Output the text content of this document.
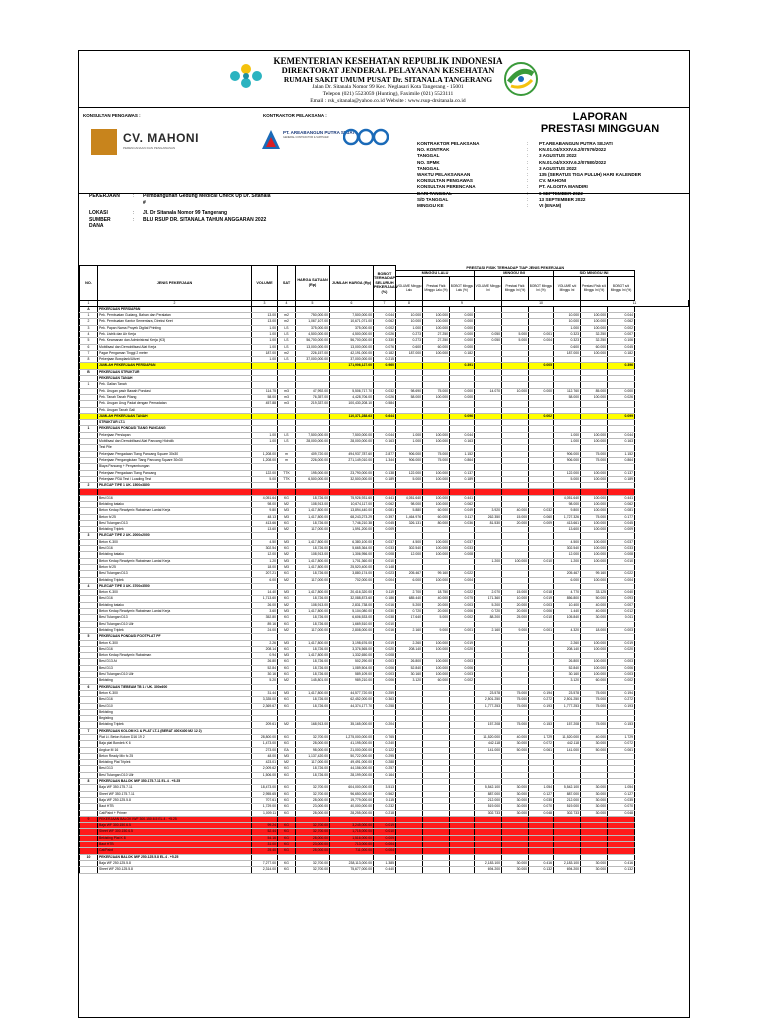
KEMENTERIAN KESEHATAN REPUBLIK INDONESIA
DIREKTORAT JENDERAL PELAYANAN KESEHATAN
RUMAH SAKIT UMUM PUSAT Dr. SITANALA TANGERANG
Jalan Dr. Sitanala Nomor 99 Kec. Neglasari Kota Tangerang - 15001
Telepon (021) 5523059 (Hunting), Faximile (021) 5523111
Email : rsk_sitanala@yahoo.co.id Website : www.rsup-drsitanala.co.id
KONSULTAN PENGAWAS :	KONTRAKTOR PELAKSANA :
CV. MAHONI
PERENCANAAN DAN PENGAWASAN
PT. AREABANGUN PUTRA SEJATI
GENERAL CONTRACTOR & SUPPLIER
LAPORAN
PRESTASI MINGGUAN
KONTRAKTOR PELAKSANA	: PT.AREABANGUN PUTRA SEJATI
NO. KONTRAK	: KN.01.04/XXXIV.6.2/07579/2022
TANGGAL	: 3 AGUSTUS 2022
NO. SPMK	: KN.01.04/XXXIV.6.2/07580/2022
TANGGAL	: 3 AGUSTUS 2022
WAKTU PELAKSANAAN	: 135 (SERATUS TIGA PULUH) HARI KALENDER
KONSULTAN PENGAWAS	: CV. MAHONI
KONSULTAN PERENCANA	: PT. ALGOITA MANDIRI
DARI TANGGAL	: 6 SEPTEMBER 2022
S/D TANGGAL	: 13 SEPTEMBER 2022
MINGGU KE	: VI (ENAM)
PEKERJAAN	: Pembangunan Gedung Medical Check Up Dr. Sitanala
#
LOKASI	: Jl. Dr Sitanala Nomor 99 Tangerang
SUMBER DANA
: BLU RSUP DR. SITANALA TAHUN ANGGARAN 2022
NO.	JENIS PEKERJAAN	VOLUME	SAT	HARGA SATUAN (Rp)	JUMLAH HARGA (Rp)	BOBOT TERHADAP SELURUH PEKERJAAN (%)	PRESTASI FISIK TERHADAP TIAP JENIS PEKERJAAN								
							MINGGU LALU			MINGGU INI			S/D MINGGU INI		
							VOLUME Minggu Lalu	Prestasi Fisik Minggu Lalu (%)	BOBOT Minggu Lalu (%)	VOLUME Minggu Ini	Prestasi Fisik Minggu Ini (%)	BOBOT Minggu Ini (%)	VOLUME s/d Minggu Ini	Prestasi Fisik s/d Minggu Ini (%)	BOBOT s/d Minggu Ini (%)
1	2	3	4	5	6	7	8	9			10			11	
A	PEKERJAAN PERSIAPAN														
1	Pek. Pembuatan Gudang, Bahan dan Peralatan	13.00	m2	750,000.00	7,500,000.00	0.044	10.000	100.000	0.000				10.000	100.000	0.044
2	Pek. Pembuatan Kantor Sementara, Direksi Keet	13.00	m2	1,067,107.00	10,671,071.00	0.062	10.000	100.000	0.000				10.000	100.000	0.062
3	Pek. Papan Nama Proyek Digital Printing	1.00	LS	375,000.00	375,000.00	0.002	1.000	100.000	0.000				1.000	100.000	0.002
4	Pek. Listrik dan Air Kerja	1.00	LS	4,500,000.00	4,500,000.00	0.026	0.273	27.250	0.000	0.050	5.000	0.001	0.323	32.250	0.007
5	Pek. Keamanan dan Administrasi Kerja (K3)	1.00	LS	56,700,000.00	56,700,000.00	0.330	0.273	27.250	0.000	0.050	5.000	0.004	0.323	32.250	0.106
6	Mobilisasi dan Demobilisasi Alat Kerja	1.00	LS	13,000,000.00	13,000,000.00	0.076	0.600	60.000	0.000				0.600	60.000	0.045
7	Pagar Pengaman Tinggi 2 meter	187.00	m2	226,157.00	42,191,000.00	0.182	187.000	100.000	0.182				187.000	100.000	0.182
8	Pekerjaan Bowplank/Uitzet	1.00	LS	37,000,000.00	37,000,000.00	0.215									
	JUMLAH PEKERJAAN PERSIAPAN				171,906,127.00	0.960			0.391			0.005			0.396
B	PEKERJAAN STRUKTUR														
	PEKERJAAN TANAH														
1	Pek. Galian Tanah														
	Pek. Urugan pasir Bawah Pondasi	114.75	m3	47,992.00	5,506,717.70	0.032	98.690	75.000	0.000	14.070	10.000	0.000	112.760	85.000	0.000
	Pek. Tanah Tanah Pilang	58.00	m3	76,357.00	4,428,706.00	0.026	58.000	100.000	0.000				58.000	100.000	0.026
	Pek. Urugan Urug Padat dengan Pemadatan	457.88	m3	219,337.00	100,430,208.10	0.584									
	Pek. Urugan Tanah Gali														
	JUMLAH PEKERJAAN TANAH				110,371,288.63	0.644			0.096			0.002			0.099
	STRUKTUR LT.1														
1	PEKERJAAN PONDASI TIANG PANCANG														
	Pekerjaan Persiapan	1.00	LS	7,500,000.00	7,500,000.00	0.044	1.000	100.000	0.044				1.000	100.000	0.044
	Mobilisasi dan Demobilisasi Alat Pancang Hidrolik	1.00	LS	28,000,000.00	28,000,000.00	0.163	1.000	100.000	0.163				1.000	100.000	0.163
	Test Pile														
	Pekerjaan Pengadaan Tiang Pancang Square 30x30	1,208.00	m	409,720.00	494,937,787.60	2.877	906.000	75.000	1.152				906.000	75.000	1.152
	Pekerjaan Pengangkutan Tiang Pancang Square 30x30	1,208.00	m	226,000.00	271,149,010.00	1.344	906.000	75.000	0.864				906.000	75.000	0.864
	Biaya Pancang + Penyambungan														
	Pekerjaan Pengadaan Tiang Pancang	122.00	TTK	195,000.00	23,790,000.00	0.138	122.000	100.000	0.137				122.000	100.000	0.137
	Pekerjaan PDA Test / Loading Test	5.00	TTK	6,500,000.00	32,500,000.00	0.189	5.000	100.000	0.189				5.000	100.000	0.189
2	PILECAP TIPE 1 UK. 1500x3800														

	Besi D16	4,051.64	KG	18,726.00	75,926,931.60	0.441	4,051.640	100.000	0.441				4,051.640	100.000	0.441
	Bekisting batako	98.00	M2	108,913.00	10,674,117.00	0.062	98.000	100.000	0.062				98.000	100.000	0.062
	Beton Kedap Readymix Rabatman Lantai Kerja	9.80	M3	1,417,800.00	13,894,440.00	0.081	5.880	60.000	0.049	3.920	40.000	0.032	9.800	100.000	0.081
	Beton fc'25	48.13	M3	1,417,800.00	68,243,273.29	0.397	1,464.976	60.000	0.117	262.350	15.000	0.060	1,727.326	75.000	0.177
	Besi Tulangan D13	413.66	KG	18,726.00	7,746,210.38	0.045	326.131	80.000	0.036	81.530	20.000	0.009	413.661	100.000	0.045
	Bekisting Triplek	13.60	M2	117,000.00	1,591,200.00	0.009							13.600	100.000	0.009
3	PILECAP TIPE 2 UK. 2000x2000														
	Beton K-300	4.50	M3	1,417,800.00	6,380,100.00	0.037	4.500	100.000	0.037				4.500	100.000	0.037
	Besi D16	302.54	KG	18,726.00	5,665,364.00	0.033	302.540	100.000	0.033				302.540	100.000	0.033
	Bekisting batako	12.00	M2	108,913.00	1,306,956.00	0.008	12.000	100.000	0.008				12.000	100.000	0.008
	Beton Kedap Readymix Rabatman Lantai Kerja	1.20	M3	1,417,800.00	1,701,360.00	0.010				1.200	100.000	0.010	1.200	100.000	0.010
	Beton fc'25	18.00	M3	1,417,800.00	25,520,400.00	0.148									
	Besi Tulangan D13	207.21	KG	18,726.00	3,880,174.00	0.023	205.467	99.160	0.022				205.467	99.160	0.022
	Bekisting Triplek	6.00	M2	117,000.00	702,000.00	0.004	6.000	100.000	0.004				6.000	100.000	0.004
4	PILECAP TIPE 3 UK. 3700x3500														
	Beton K-300	14.40	M3	1,417,800.00	20,416,320.00	0.119	2.700	18.750	0.022	2.070	15.000	0.018	4.770	33.125	0.040
	Besi D16	1,713.60	KG	18,726.00	32,088,873.60	0.186	685.440	40.000	0.075	171.360	10.000	0.019	856.800	50.000	0.093
	Bekisting batako	26.00	M2	108,913.00	2,831,738.00	0.016	5.200	20.000	0.003	5.200	20.000	0.003	10.400	40.000	0.007
	Beton Kedap Readymix Rabatman Lantai Kerja	3.60	M3	1,417,800.00	5,104,080.00	0.030	0.720	20.000	0.006	0.720	20.000	0.006	1.440	40.000	0.012
	Besi Tulangan D13	352.80	KG	18,726.00	6,606,533.00	0.038	17.640	5.000	0.002	88.200	25.000	0.010	105.840	30.000	0.011
	Besi Tulangan D10 Ulir	89.16	KG	18,726.00	1,669,510.00	0.010									
	Bekisting Triplek	24.00	M2	117,000.00	2,808,000.00	0.016	2.160	9.000	0.001	2.160	9.000	0.001	4.320	18.000	0.003
5	PEKERJAAN PONDASI FOOTPLAT PF														
	Beton K-300	2.26	M3	1,417,800.00	3,198,676.00	0.019	2.260	100.000	0.019				2.260	100.000	0.019
	Besi D16	208.14	KG	18,726.00	3,376,565.00	0.020	208.140	100.000	0.020				208.140	100.000	0.020
	Beton Kedap Readymix Rabatman	0.94	M3	1,417,800.00	1,332,650.00	0.008									
	Besi D13 At	26.80	KG	18,726.00	502,290.00	0.003	26.800	100.000	0.003				26.800	100.000	0.003
	Besi D13	52.84	KG	18,726.00	1,089,504.00	0.006	52.840	100.000	0.006				52.840	100.000	0.006
	Besi Tulangan D10 Ulir	30.16	KG	18,726.00	589,109.00	0.003	30.160	100.000	0.003				30.160	100.000	0.003
	Bekisting	5.20	M2	145,801.00	989,210.00	0.006	3.120	60.000	0.002				3.120	60.000	0.002
6	PEKERJAAN TIEBEAM TB 1 / UK. 300x600														
	Beton K-300	31.44	M3	1,417,800.00	44,577,720.00	0.259				23.578	75.000	0.194	23.578	75.000	0.194
	Besi D16	3,335.00	KG	18,726.00	62,452,000.00	0.363				2,501.250	75.000	0.272	2,501.250	75.000	0.272
	Besi D10	2,369.67	KG	18,726.00	44,374,177.70	0.258				1,777.253	75.000	0.193	1,777.253	75.000	0.193
	Bekisting														
	Begisting														
	Bekisting Triplek	209.61	M2	168,913.00	35,165,000.00	0.204				157.208	75.000	0.153	157.208	75.000	0.153
7	PEKERJAAN KOLOM K1 & PLAT LT-1 (BERAT 400X400 M2 12 2)														
	Plat Lt. Beton Kolom D16 19 2	28,800.00	KG	32,700.00	1,275,000,000.00	0.765				11,520.000	40.000	1.729	11,520.000	40.000	1.729
	Baja plat Bondek K 6	1,473.00	KG	28,000.00	41,195,000.00	0.240				442.118	30.000	0.072	442.118	30.000	0.072
	Angkur M 16	273.00	EA	98,000.00	21,000,000.00	0.122				141.000	50.000	0.061	141.000	50.000	0.061
	Beton Ready Mix fc 25	48.00	M3	1,137,420.00	50,722,000.00	0.295									
	Bekisting Plat Triplek	423.01	M2	117,000.00	49,491,000.00	0.288									
	Besi D13	2,009.62	KG	18,726.00	44,156,000.00	0.257									
	Besi Tulangan D10 Ulir	1,506.00	KG	18,726.00	28,199,000.00	0.164									
8	PEKERJAAN BALOK IWF 350.175.7.11 EL.4 . +5.25														
	Baja WF 350.175.7.11	18,473.00	KG	32,700.00	604,000,000.00	3.513				5,542.100	30.000	1.054	5,542.100	30.000	1.054
	Sheet WF 350.175.7.11	2,955.65	KG	32,700.00	96,650,000.00	0.562				887.000	30.000	0.127	887.000	30.000	0.127
	Baja WF 250.125.5.8	707.61	KG	28,000.00	19,779,000.00	0.115				212.000	30.000	0.035	212.000	30.000	0.035
	Baut HTB	1,729.00	KG	23,000.00	40,000,000.00	0.232				519.000	30.000	0.070	519.000	30.000	0.070
	Cat/Paint + Primer	1,009.11	KG	28,000.00	28,255,000.00	0.218				302.733	30.000	0.048	302.733	30.000	0.048
9	PEKERJAAN BALOK IWF 300.150.6.5 EL.4 . +5.25														
	Baja WF 300.150.6.5	99.24	KG	32,700.00	3,245,000.00	0.019									
	Sheet WF 300.150.6.5	52.44	KG	32,700.00	1,715,000.00	0.010									
	Bekisting Plat K 8	54.16	KG	28,000.00	1,516,000.00	0.009									
	Baut HTB	31.00	KG	23,000.00	713,000.00	0.004									
	Cat/Paint	25.40	KG	28,000.00	711,000.00	0.004									
10	PEKERJAAN BALOK IWF 250.125.5.8 EL.4 . +5.25														
	Baja WF 250.125.5.8	7,277.00	KG	32,700.00	238,113,000.00	1.385				2,183.100	30.000	0.416	2,183.100	30.000	0.416
	Sheet WF 250.125.5.8	2,314.00	KG	32,700.00	75,677,000.00	0.440				694.200	30.000	0.132	694.200	30.000	0.132
